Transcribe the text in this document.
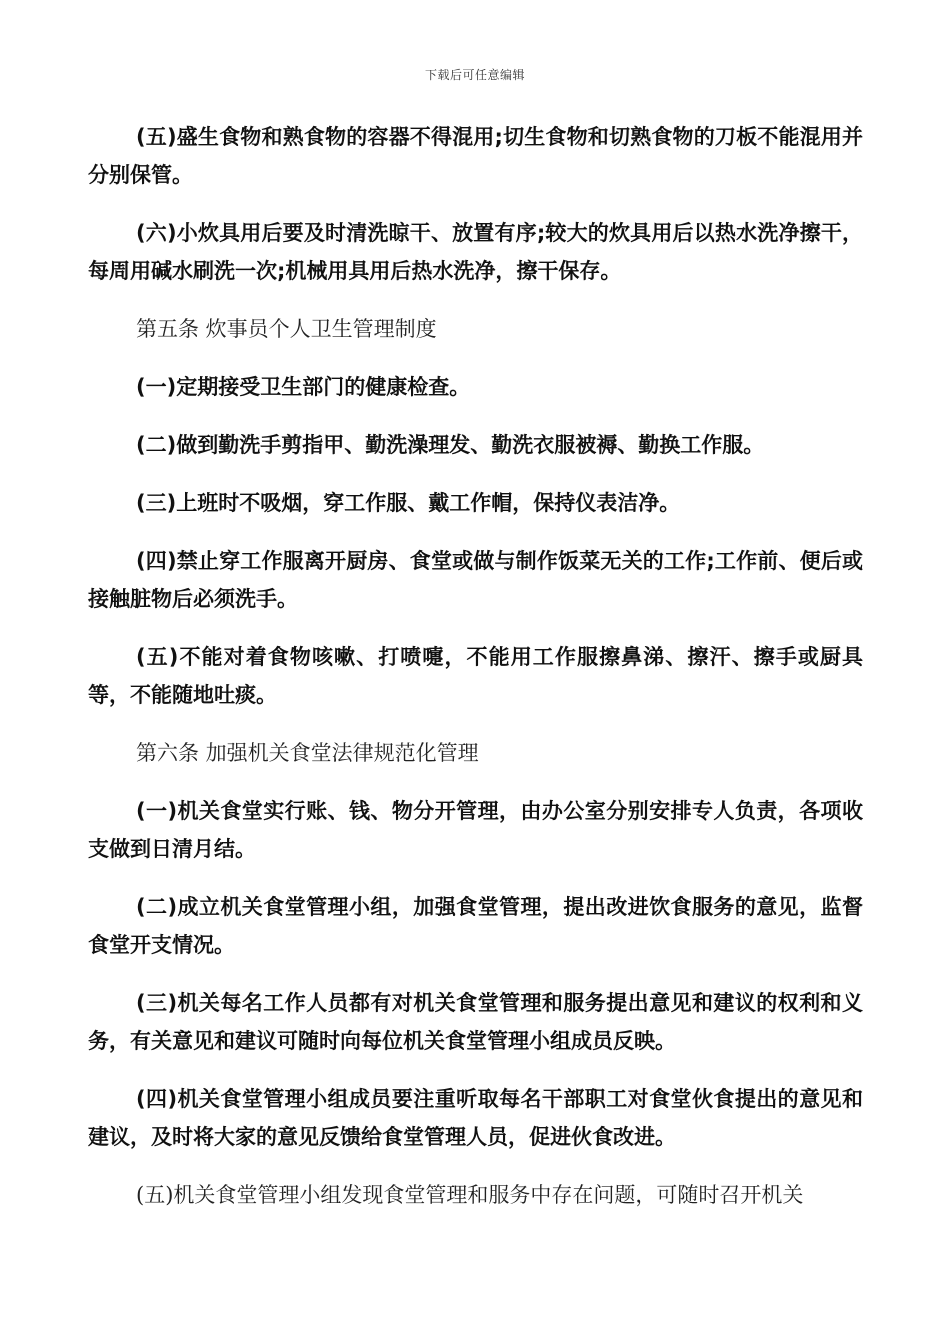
下载后可任意编辑

(五)盛生食物和熟食物的容器不得混用;切生食物和切熟食物的刀板不能混用并分别保管。

(六)小炊具用后要及时清洗晾干、放置有序;较大的炊具用后以热水洗净擦干，每周用碱水刷洗一次;机械用具用后热水洗净，擦干保存。

第五条 炊事员个人卫生管理制度

(一)定期接受卫生部门的健康检查。

(二)做到勤洗手剪指甲、勤洗澡理发、勤洗衣服被褥、勤换工作服。

(三)上班时不吸烟，穿工作服、戴工作帽，保持仪表洁净。

(四)禁止穿工作服离开厨房、食堂或做与制作饭菜无关的工作;工作前、便后或接触脏物后必须洗手。

(五)不能对着食物咳嗽、打喷嚏，不能用工作服擦鼻涕、擦汗、擦手或厨具等，不能随地吐痰。

第六条 加强机关食堂法律规范化管理

(一)机关食堂实行账、钱、物分开管理，由办公室分别安排专人负责，各项收支做到日清月结。

(二)成立机关食堂管理小组，加强食堂管理，提出改进饮食服务的意见，监督食堂开支情况。

(三)机关每名工作人员都有对机关食堂管理和服务提出意见和建议的权利和义务，有关意见和建议可随时向每位机关食堂管理小组成员反映。

(四)机关食堂管理小组成员要注重听取每名干部职工对食堂伙食提出的意见和建议，及时将大家的意见反馈给食堂管理人员，促进伙食改进。

(五)机关食堂管理小组发现食堂管理和服务中存在问题，可随时召开机关
